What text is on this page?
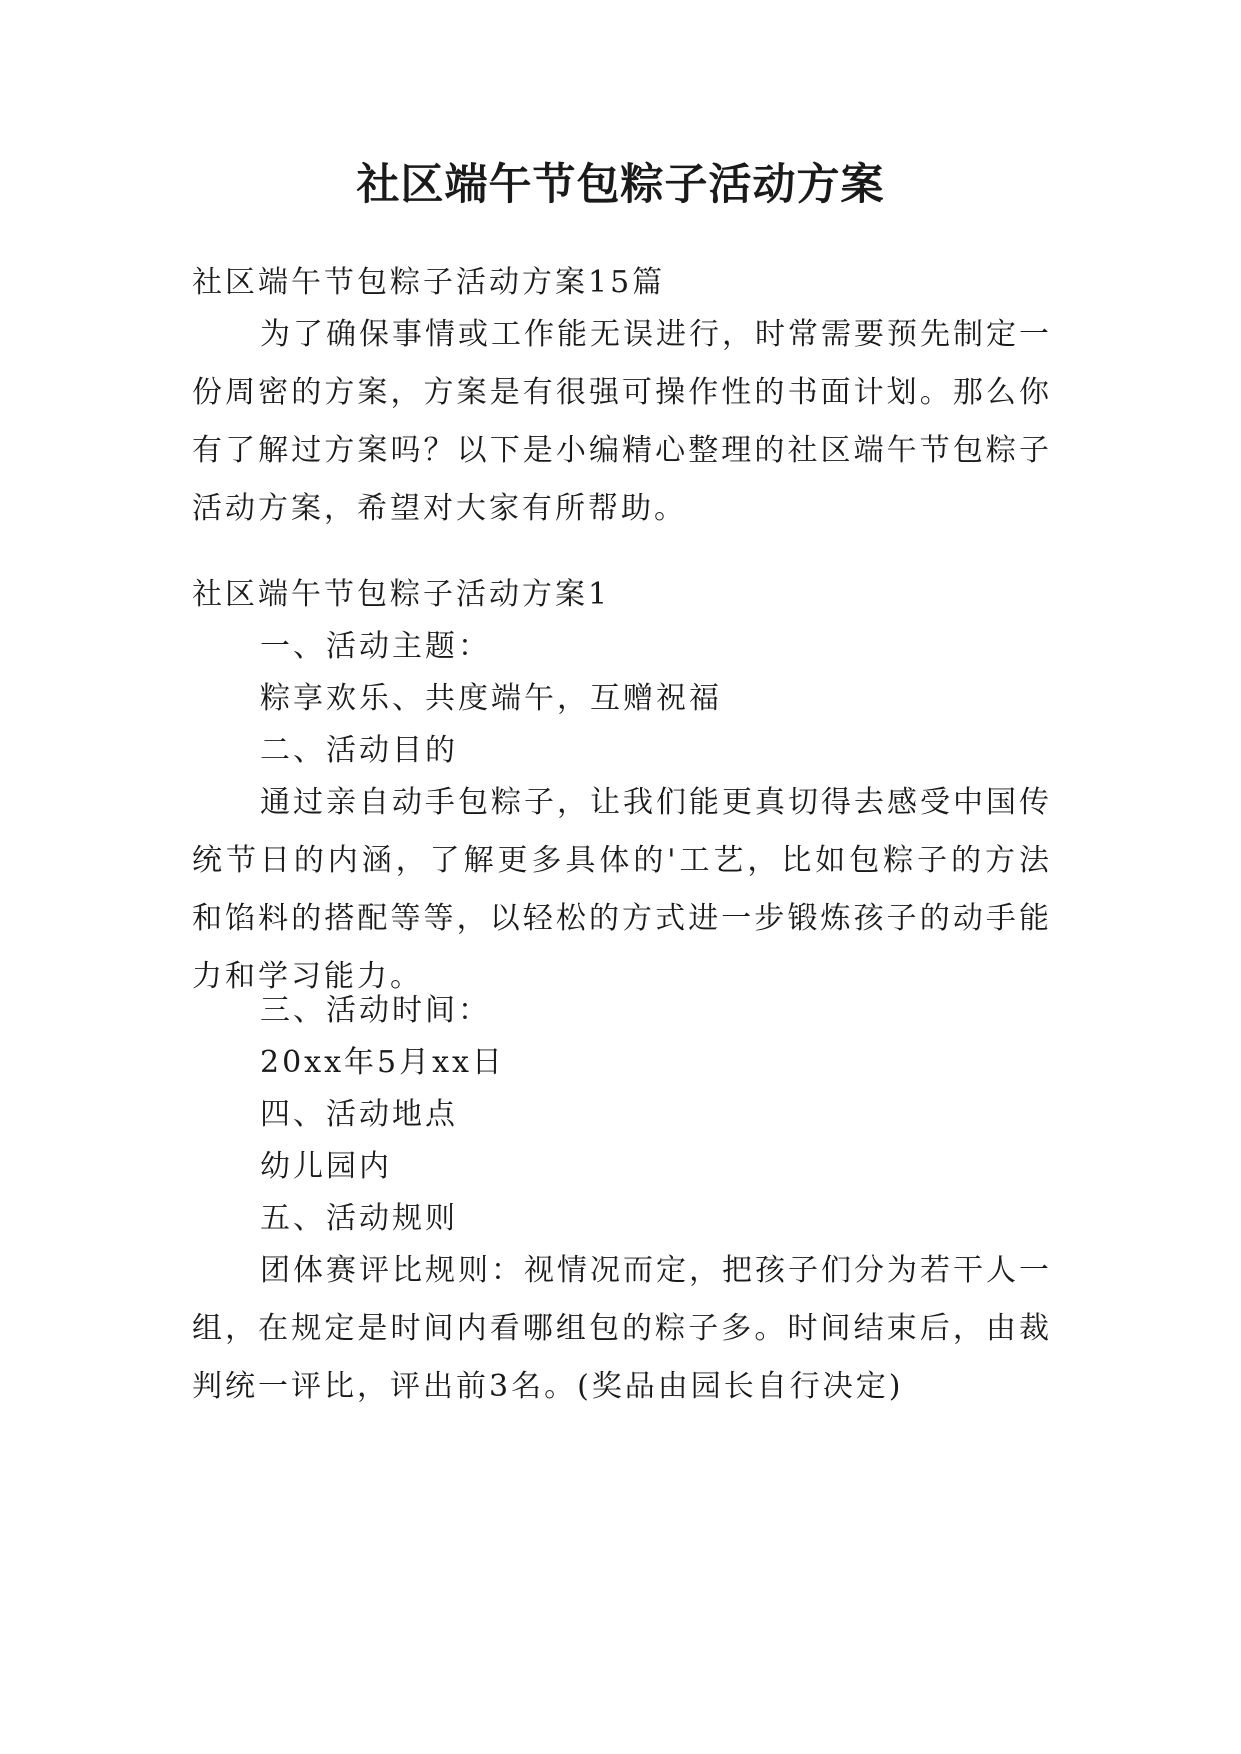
社区端午节包粽子活动方案
社区端午节包粽子活动方案15篇
为了确保事情或工作能无误进行，时常需要预先制定一份周密的方案，方案是有很强可操作性的书面计划。那么你有了解过方案吗？以下是小编精心整理的社区端午节包粽子活动方案，希望对大家有所帮助。
社区端午节包粽子活动方案1
一、活动主题：
粽享欢乐、共度端午，互赠祝福
二、活动目的
通过亲自动手包粽子，让我们能更真切得去感受中国传统节日的内涵，了解更多具体的'工艺，比如包粽子的方法和馅料的搭配等等，以轻松的方式进一步锻炼孩子的动手能力和学习能力。
三、活动时间：
20xx年5月xx日
四、活动地点
幼儿园内
五、活动规则
团体赛评比规则：视情况而定，把孩子们分为若干人一组，在规定是时间内看哪组包的粽子多。时间结束后，由裁判统一评比，评出前3名。(奖品由园长自行决定)
